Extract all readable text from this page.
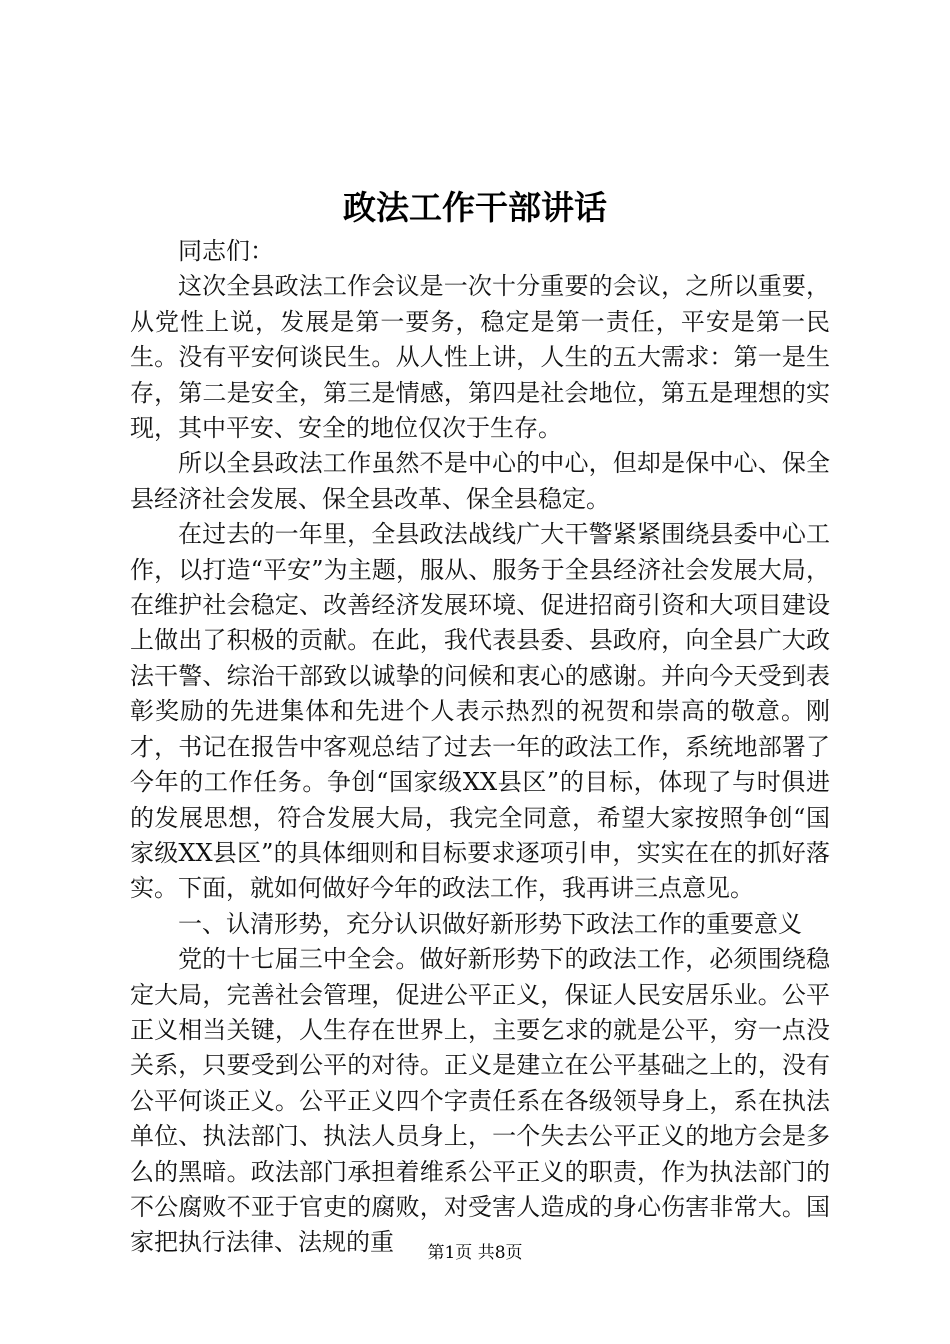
政法工作干部讲话

同志们：

这次全县政法工作会议是一次十分重要的会议，之所以重要，从党性上说，发展是第一要务，稳定是第一责任，平安是第一民生。没有平安何谈民生。从人性上讲，人生的五大需求：第一是生存，第二是安全，第三是情感，第四是社会地位，第五是理想的实现，其中平安、安全的地位仅次于生存。

所以全县政法工作虽然不是中心的中心，但却是保中心、保全县经济社会发展、保全县改革、保全县稳定。

在过去的一年里，全县政法战线广大干警紧紧围绕县委中心工作，以打造“平安”为主题，服从、服务于全县经济社会发展大局，在维护社会稳定、改善经济发展环境、促进招商引资和大项目建设上做出了积极的贡献。在此，我代表县委、县政府，向全县广大政法干警、综治干部致以诚挚的问候和衷心的感谢。并向今天受到表彰奖励的先进集体和先进个人表示热烈的祝贺和崇高的敬意。刚才，书记在报告中客观总结了过去一年的政法工作，系统地部署了今年的工作任务。争创“国家级XX县区”的目标，体现了与时俱进的发展思想，符合发展大局，我完全同意，希望大家按照争创“国家级XX县区”的具体细则和目标要求逐项引申，实实在在的抓好落实。下面，就如何做好今年的政法工作，我再讲三点意见。

一、认清形势，充分认识做好新形势下政法工作的重要意义

党的十七届三中全会。做好新形势下的政法工作，必须围绕稳定大局，完善社会管理，促进公平正义，保证人民安居乐业。公平正义相当关键，人生存在世界上，主要乞求的就是公平，穷一点没关系，只要受到公平的对待。正义是建立在公平基础之上的，没有公平何谈正义。公平正义四个字责任系在各级领导身上，系在执法单位、执法部门、执法人员身上，一个失去公平正义的地方会是多么的黑暗。政法部门承担着维系公平正义的职责，作为执法部门的不公腐败不亚于官吏的腐败，对受害人造成的身心伤害非常大。国家把执行法律、法规的重	第1页 共8页
